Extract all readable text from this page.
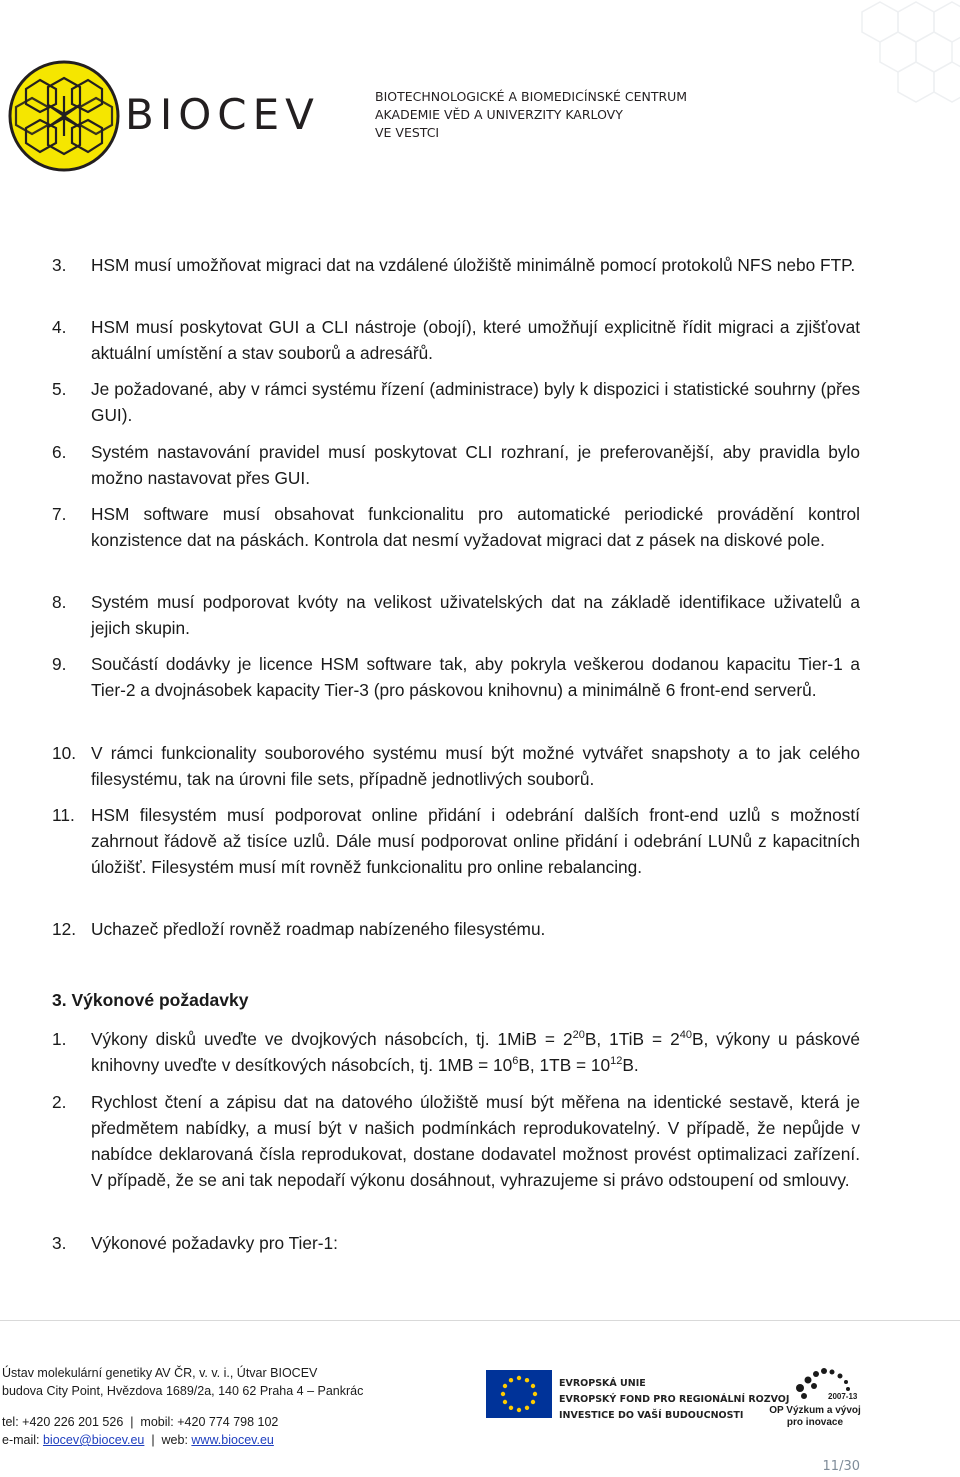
BIOCEV	BIOTECHNOLOGICKÉ A BIOMEDICÍNSKÉ CENTRUM
AKADEMIE VĚD A UNIVERZITY KARLOVY
VE VESTCI
3.	HSM musí umožňovat migraci dat na vzdálené úložiště minimálně pomocí protokolů NFS nebo FTP.
4.	HSM musí poskytovat GUI a CLI nástroje (obojí), které umožňují explicitně řídit migraci a zjišťovat aktuální umístění a stav souborů a adresářů.
5.	Je požadované, aby v rámci systému řízení (administrace) byly k dispozici i statistické souhrny (přes GUI).
6.	Systém nastavování pravidel musí poskytovat CLI rozhraní, je preferovanější, aby pravidla bylo možno nastavovat přes GUI.
7.	HSM software musí obsahovat funkcionalitu pro automatické periodické provádění kontrol konzistence dat na páskách. Kontrola dat nesmí vyžadovat migraci dat z pásek na diskové pole.
8.	Systém musí podporovat kvóty na velikost uživatelských dat na základě identifikace uživatelů a jejich skupin.
9.	Součástí dodávky je licence HSM software tak, aby pokryla veškerou dodanou kapacitu Tier-1 a Tier-2 a dvojnásobek kapacity Tier-3 (pro páskovou knihovnu) a minimálně 6 front-end serverů.
10. V rámci funkcionality souborového systému musí být možné vytvářet snapshoty a to jak celého filesystému, tak na úrovni file sets, případně jednotlivých souborů.
11. HSM filesystém musí podporovat online přidání i odebrání dalších front-end uzlů s možností zahrnout řádově až tisíce uzlů. Dále musí podporovat online přidání i odebrání LUNů z kapacitních úložišť. Filesystém musí mít rovněž funkcionalitu pro online rebalancing.
12. Uchazeč předloží rovněž roadmap nabízeného filesystému.
3. Výkonové požadavky
1.	Výkony disků uveďte ve dvojkových násobcích, tj. $1MiB = 2^{20}B$, $1TiB = 2^{40}B$, výkony u páskové knihovny uveďte v desítkových násobcích, tj. $1MB = 10^6B$, $1TB = 10^{12}B$.
2.	Rychlost čtení a zápisu dat na datového úložiště musí být měřena na identické sestavě, která je předmětem nabídky, a musí být v našich podmínkách reprodukovatelný. V případě, že nepůjde v nabídce deklarovaná čísla reprodukovat, dostane dodavatel možnost provést optimalizaci zařízení. V případě, že se ani tak nepodaří výkonu dosáhnout, vyhrazujeme si právo odstoupení od smlouvy.
3.	Výkonové požadavky pro Tier-1:
Ústav molekulární genetiky AV ČR, v. v. i., Útvar BIOCEV
budova City Point, Hvězdova 1689/2a, 140 62 Praha 4 – Pankrác
tel: +420 226 201 526  |  mobil: +420 774 798 102
e-mail: biocev@biocev.eu  |  web: www.biocev.eu
EVROPSKÁ UNIE
EVROPSKÝ FOND PRO REGIONÁLNÍ ROZVOJ
INVESTICE DO VAŠÍ BUDOUCNOSTI
2007-13
OP Výzkum a vývoj
pro inovace
11/30
